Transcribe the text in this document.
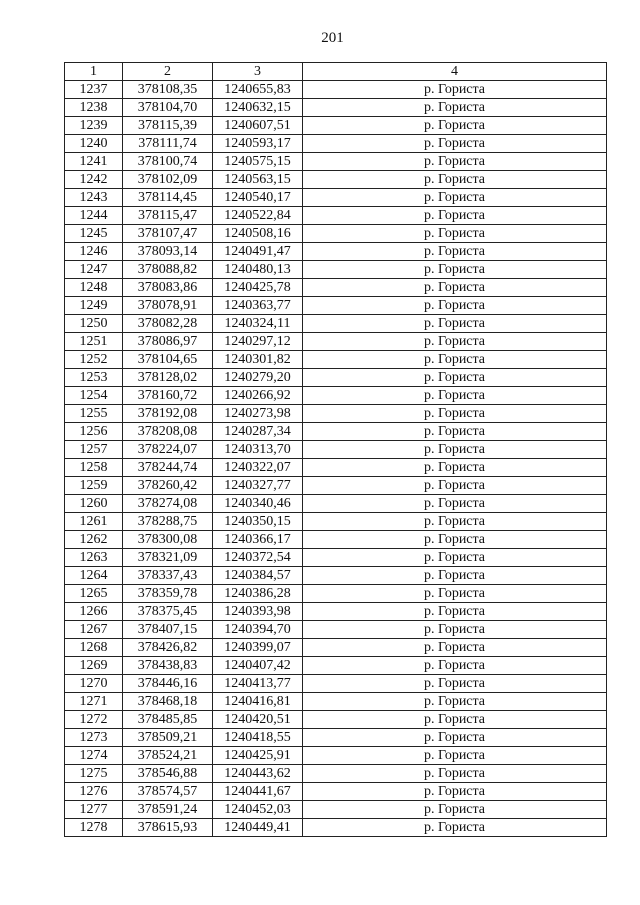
201
1	2	3	4
1237	378108,35	1240655,83	р. Гориста
1238	378104,70	1240632,15	р. Гориста
1239	378115,39	1240607,51	р. Гориста
1240	378111,74	1240593,17	р. Гориста
1241	378100,74	1240575,15	р. Гориста
1242	378102,09	1240563,15	р. Гориста
1243	378114,45	1240540,17	р. Гориста
1244	378115,47	1240522,84	р. Гориста
1245	378107,47	1240508,16	р. Гориста
1246	378093,14	1240491,47	р. Гориста
1247	378088,82	1240480,13	р. Гориста
1248	378083,86	1240425,78	р. Гориста
1249	378078,91	1240363,77	р. Гориста
1250	378082,28	1240324,11	р. Гориста
1251	378086,97	1240297,12	р. Гориста
1252	378104,65	1240301,82	р. Гориста
1253	378128,02	1240279,20	р. Гориста
1254	378160,72	1240266,92	р. Гориста
1255	378192,08	1240273,98	р. Гориста
1256	378208,08	1240287,34	р. Гориста
1257	378224,07	1240313,70	р. Гориста
1258	378244,74	1240322,07	р. Гориста
1259	378260,42	1240327,77	р. Гориста
1260	378274,08	1240340,46	р. Гориста
1261	378288,75	1240350,15	р. Гориста
1262	378300,08	1240366,17	р. Гориста
1263	378321,09	1240372,54	р. Гориста
1264	378337,43	1240384,57	р. Гориста
1265	378359,78	1240386,28	р. Гориста
1266	378375,45	1240393,98	р. Гориста
1267	378407,15	1240394,70	р. Гориста
1268	378426,82	1240399,07	р. Гориста
1269	378438,83	1240407,42	р. Гориста
1270	378446,16	1240413,77	р. Гориста
1271	378468,18	1240416,81	р. Гориста
1272	378485,85	1240420,51	р. Гориста
1273	378509,21	1240418,55	р. Гориста
1274	378524,21	1240425,91	р. Гориста
1275	378546,88	1240443,62	р. Гориста
1276	378574,57	1240441,67	р. Гориста
1277	378591,24	1240452,03	р. Гориста
1278	378615,93	1240449,41	р. Гориста
